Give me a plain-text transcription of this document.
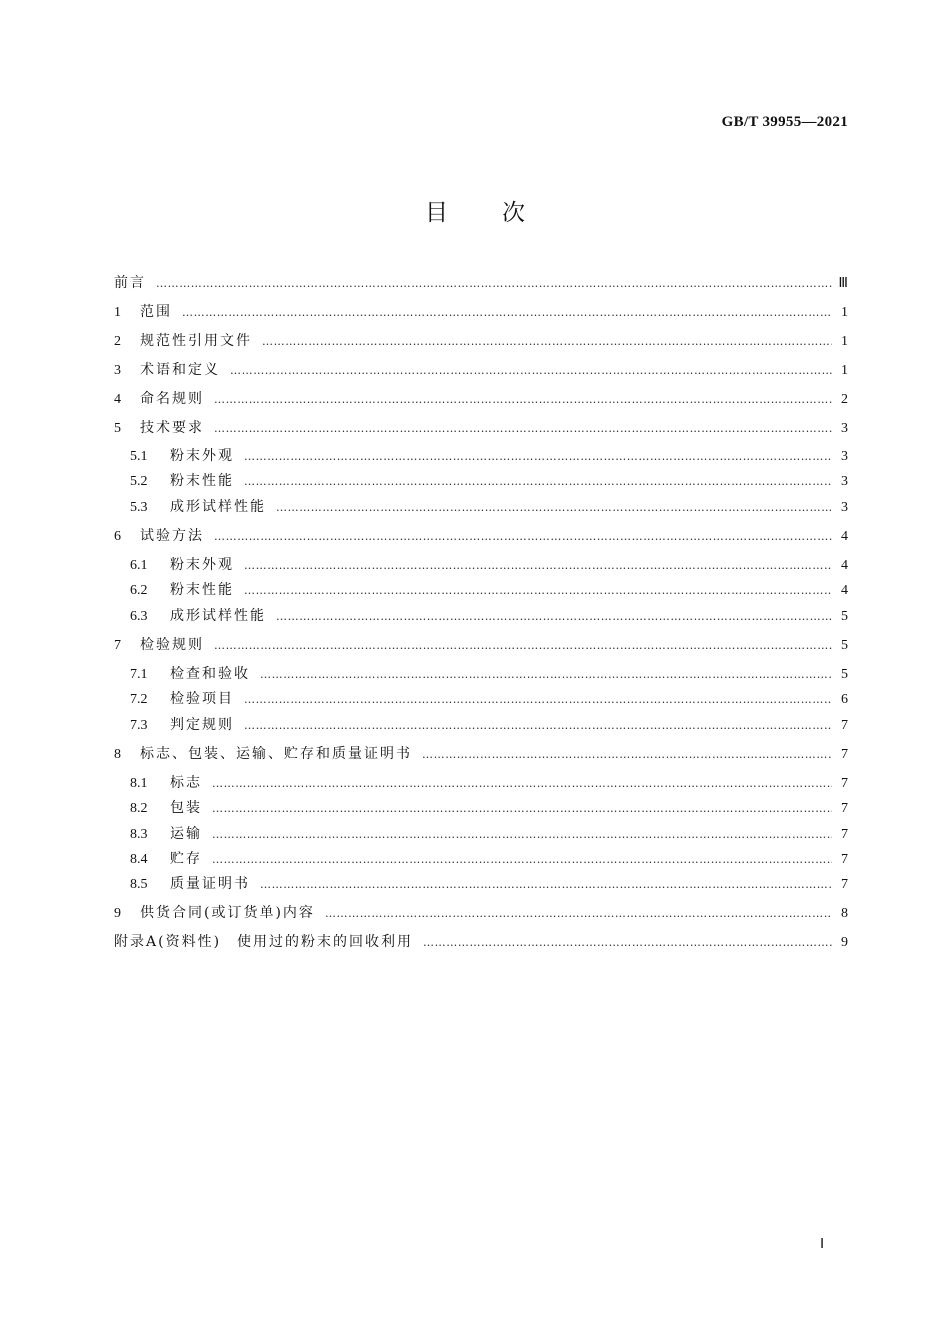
GB/T 39955—2021
目次
前言 ……………………………………………………………………………………………………………………………………………………………………………………………………………………………………	Ⅲ
1	范围 ……………………………………………………………………………………………………………………………………………………………………………………………………………………………………	1
2	规范性引用文件 ……………………………………………………………………………………………………………………………………………………………………………………………………………………………………	1
3	术语和定义 ……………………………………………………………………………………………………………………………………………………………………………………………………………………………………	1
4	命名规则 ……………………………………………………………………………………………………………………………………………………………………………………………………………………………………	2
5	技术要求 ……………………………………………………………………………………………………………………………………………………………………………………………………………………………………	3
5.1	粉末外观 ……………………………………………………………………………………………………………………………………………………………………………………………………………………………………	3
5.2	粉末性能 ……………………………………………………………………………………………………………………………………………………………………………………………………………………………………	3
5.3	成形试样性能 ……………………………………………………………………………………………………………………………………………………………………………………………………………………………………	3
6	试验方法 ……………………………………………………………………………………………………………………………………………………………………………………………………………………………………	4
6.1	粉末外观 ……………………………………………………………………………………………………………………………………………………………………………………………………………………………………	4
6.2	粉末性能 ……………………………………………………………………………………………………………………………………………………………………………………………………………………………………	4
6.3	成形试样性能 ……………………………………………………………………………………………………………………………………………………………………………………………………………………………………	5
7	检验规则 ……………………………………………………………………………………………………………………………………………………………………………………………………………………………………	5
7.1	检查和验收 ……………………………………………………………………………………………………………………………………………………………………………………………………………………………………	5
7.2	检验项目 ……………………………………………………………………………………………………………………………………………………………………………………………………………………………………	6
7.3	判定规则 ……………………………………………………………………………………………………………………………………………………………………………………………………………………………………	7
8	标志、包装、运输、贮存和质量证明书 ……………………………………………………………………………………………………………………………………………………………………………………………………………………………………	7
8.1	标志 ……………………………………………………………………………………………………………………………………………………………………………………………………………………………………	7
8.2	包装 ……………………………………………………………………………………………………………………………………………………………………………………………………………………………………	7
8.3	运输 ……………………………………………………………………………………………………………………………………………………………………………………………………………………………………	7
8.4	贮存 ……………………………………………………………………………………………………………………………………………………………………………………………………………………………………	7
8.5	质量证明书 ……………………………………………………………………………………………………………………………………………………………………………………………………………………………………	7
9	供货合同(或订货单)内容 ……………………………………………………………………………………………………………………………………………………………………………………………………………………………………	8
附录A(资料性)　使用过的粉末的回收利用 ……………………………………………………………………………………………………………………………………………………………………………………………………………………………………	9
Ⅰ
